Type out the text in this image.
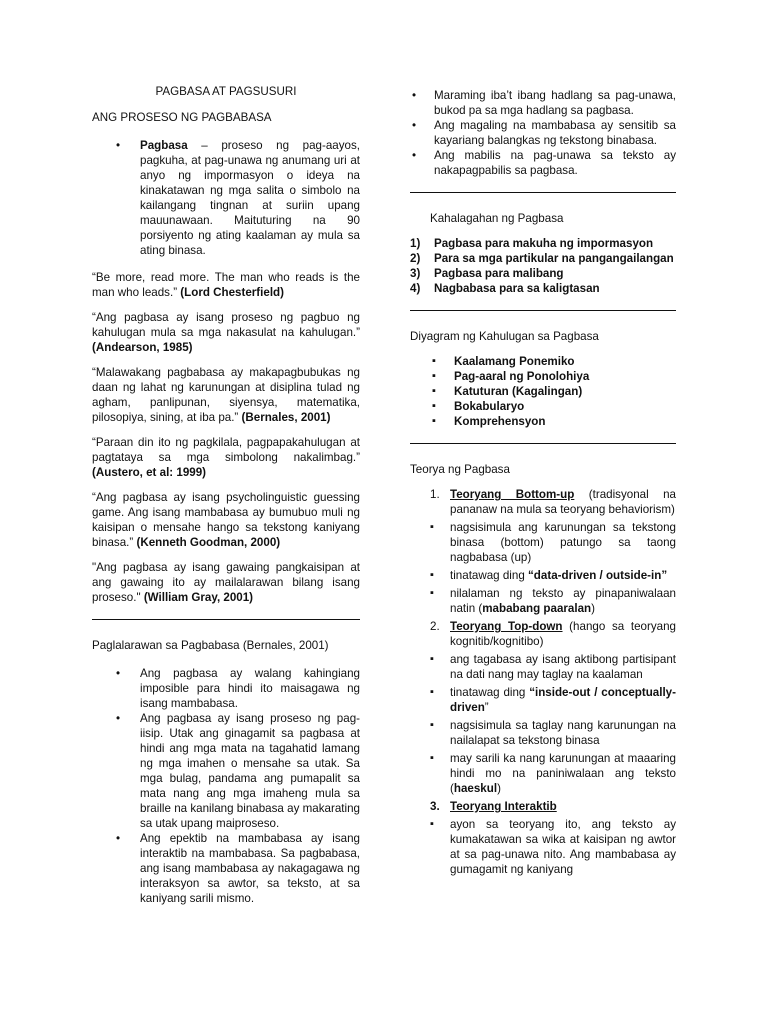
PAGBASA AT PAGSUSURI

ANG PROSESO NG PAGBABASA

• Pagbasa – proseso ng pag-aayos, pagkuha, at pag-unawa ng anumang uri at anyo ng impormasyon o ideya na kinakatawan ng mga salita o simbolo na kailangang tingnan at suriin upang mauunawaan. Maituturing na 90 porsiyento ng ating kaalaman ay mula sa ating binasa.

“Be more, read more. The man who reads is the man who leads.” (Lord Chesterfield)

“Ang pagbasa ay isang proseso ng pagbuo ng kahulugan mula sa mga nakasulat na kahulugan.” (Andearson, 1985)

“Malawakang pagbabasa ay makapagbubukas ng daan ng lahat ng karunungan at disiplina tulad ng agham, panlipunan, siyensya, matematika, pilosopiya, sining, at iba pa.” (Bernales, 2001)

“Paraan din ito ng pagkilala, pagpapakahulugan at pagtataya sa mga simbolong nakalimbag.” (Austero, et al: 1999)

“Ang pagbasa ay isang psycholinguistic guessing game. Ang isang mambabasa ay bumubuo muli ng kaisipan o mensahe hango sa tekstong kaniyang binasa.” (Kenneth Goodman, 2000)

"Ang pagbasa ay isang gawaing pangkaisipan at ang gawaing ito ay mailalarawan bilang isang proseso." (William Gray, 2001)

Paglalarawan sa Pagbabasa (Bernales, 2001)

• Ang pagbasa ay walang kahingiang imposible para hindi ito maisagawa ng isang mambabasa.
• Ang pagbasa ay isang proseso ng pag-iisip. Utak ang ginagamit sa pagbasa at hindi ang mga mata na tagahatid lamang ng mga imahen o mensahe sa utak. Sa mga bulag, pandama ang pumapalit sa mata nang ang mga imaheng mula sa braille na kanilang binabasa ay makarating sa utak upang maiproseso.
• Ang epektib na mambabasa ay isang interaktib na mambabasa. Sa pagbabasa, ang isang mambabasa ay nakagagawa ng interaksyon sa awtor, sa teksto, at sa kaniyang sarili mismo.
• Maraming iba’t ibang hadlang sa pag-unawa, bukod pa sa mga hadlang sa pagbasa.
• Ang magaling na mambabasa ay sensitib sa kayariang balangkas ng tekstong binabasa.
• Ang mabilis na pag-unawa sa teksto ay nakapagpabilis sa pagbasa.

Kahalagahan ng Pagbasa

1) Pagbasa para makuha ng impormasyon
2) Para sa mga partikular na pangangailangan
3) Pagbasa para malibang
4) Nagbabasa para sa kaligtasan

Diyagram ng Kahulugan sa Pagbasa

▪ Kaalamang Ponemiko
▪ Pag-aaral ng Ponolohiya
▪ Katuturan (Kagalingan)
▪ Bokabularyo
▪ Komprehensyon

Teorya ng Pagbasa

1. Teoryang Bottom-up (tradisyonal na pananaw na mula sa teoryang behaviorism)
▪ nagsisimula ang karunungan sa tekstong binasa (bottom) patungo sa taong nagbabasa (up)
▪ tinatawag ding “data-driven / outside-in”
▪ nilalaman ng teksto ay pinapaniwalaan natin (mababang paaralan)
2. Teoryang Top-down (hango sa teoryang kognitib/kognitibo)
▪ ang tagabasa ay isang aktibong partisipant na dati nang may taglay na kaalaman
▪ tinatawag ding “inside-out / conceptually-driven”
▪ nagsisimula sa taglay nang karunungan na nailalapat sa tekstong binasa
▪ may sarili ka nang karunungan at maaaring hindi mo na paniniwalaan ang teksto (haeskul)
3. Teoryang Interaktib
▪ ayon sa teoryang ito, ang teksto ay kumakatawan sa wika at kaisipan ng awtor at sa pag-unawa nito. Ang mambabasa ay gumagamit ng kaniyang
